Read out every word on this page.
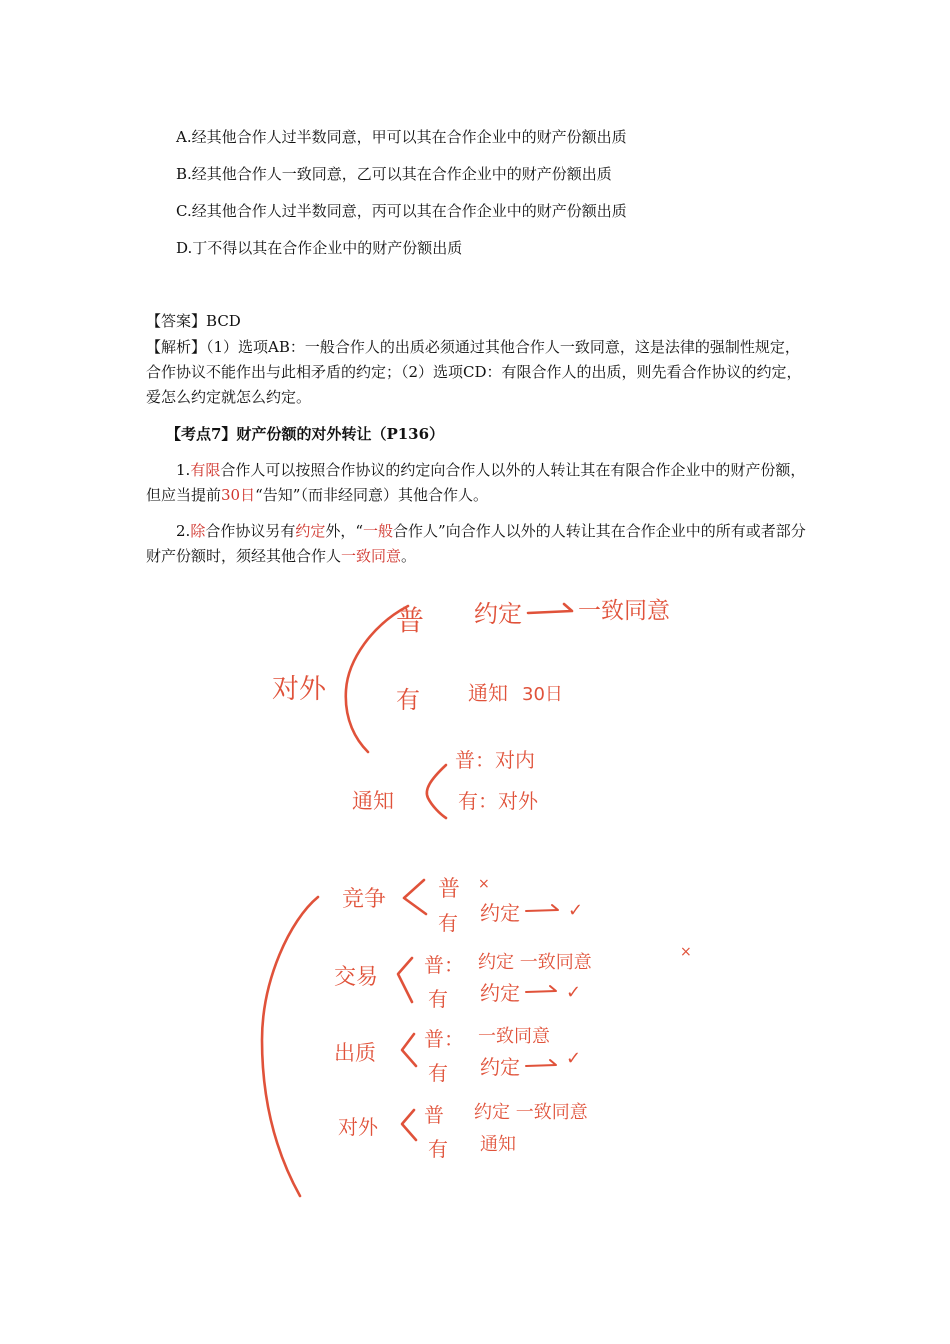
A.经其他合作人过半数同意，甲可以其在合作企业中的财产份额出质
B.经其他合作人一致同意，乙可以其在合作企业中的财产份额出质
C.经其他合作人过半数同意，丙可以其在合作企业中的财产份额出质
D.丁不得以其在合作企业中的财产份额出质
【答案】BCD
【解析】（1）选项AB：一般合作人的出质必须通过其他合作人一致同意，这是法律的强制性规定，合作协议不能作出与此相矛盾的约定；（2）选项CD：有限合作人的出质，则先看合作协议的约定，爱怎么约定就怎么约定。
【考点7】财产份额的对外转让（P136）
1.有限合作人可以按照合作协议的约定向合作人以外的人转让其在有限合作企业中的财产份额，但应当提前30日“告知”（而非经同意）其他合作人。
2.除合作协议另有约定外，“一般合作人”向合作人以外的人转让其在合作企业中的所有或者部分财产份额时，须经其他合作人一致同意。
对外
普 约定 一致同意
有 通知 30日
通知
普：对内
有：对外
竞争 普 ×
有 约定	✓
交易 普： 约定 一致同意	×
有 约定	✓
出质
普： 一致同意
有 约定	✓
对外 普 约定 一致同意
有 通知
